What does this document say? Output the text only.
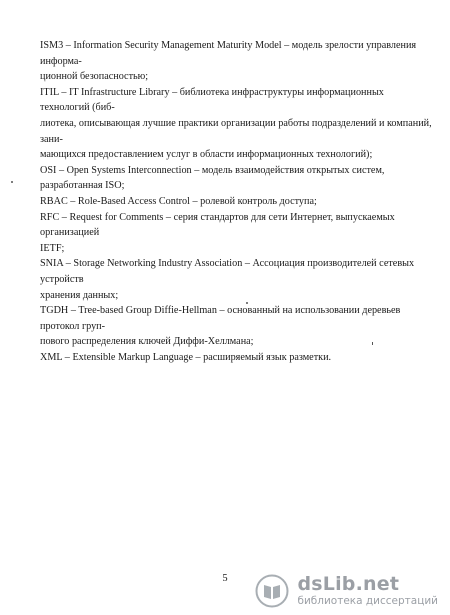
ISM3 – Information Security Management Maturity Model – модель зрелости управления информа-
ционной безопасностью;

ITIL – IT Infrastructure Library – библиотека инфраструктуры информационных технологий (биб-
лиотека, описывающая лучшие практики организации работы подразделений и компаний, зани-
мающихся предоставлением услуг в области информационных технологий);

OSI – Open Systems Interconnection – модель взаимодействия открытых систем, разработанная ISO;

RBAC – Role-Based Access Control – ролевой контроль доступа;

RFC – Request for Comments – серия стандартов для сети Интернет, выпускаемых организацией
IETF;

SNIA – Storage Networking Industry Association – Ассоциация производителей сетевых устройств
хранения данных;

TGDH – Tree-based Group Diffie-Hellman – основанный на использовании деревьев протокол груп-
пового распределения ключей Диффи-Хеллмана;

XML – Extensible Markup Language – расширяемый язык разметки.

5	dsLib.net
библиотека диссертаций
